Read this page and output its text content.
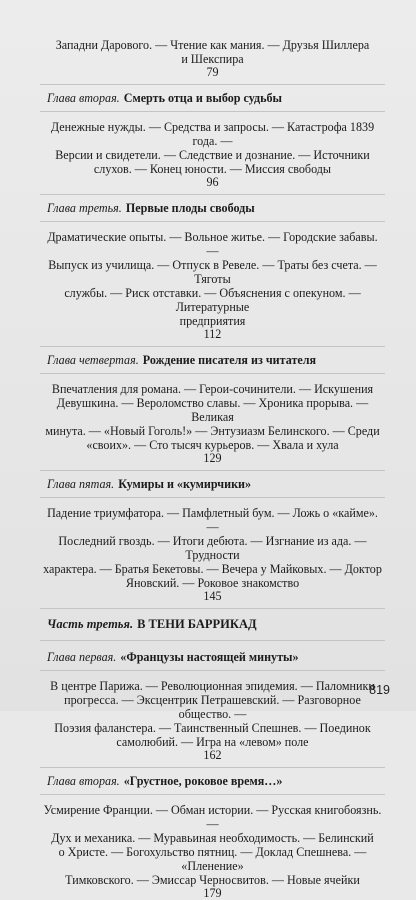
Западни Дарового. — Чтение как мания. — Друзья Шиллера
и Шекспира
79
Глава вторая. Смерть отца и выбор судьбы
Денежные нужды. — Средства и запросы. — Катастрофа 1839 года. —
Версии и свидетели. — Следствие и дознание. — Источники
слухов. — Конец юности. — Миссия свободы
96
Глава третья. Первые плоды свободы
Драматические опыты. — Вольное житье. — Городские забавы. —
Выпуск из училища. — Отпуск в Ревеле. — Траты без счета. — Тяготы
службы. — Риск отставки. — Объяснения с опекуном. — Литературные
предприятия
112
Глава четвертая. Рождение писателя из читателя
Впечатления для романа. — Герои-сочинители. — Искушения
Девушкина. — Вероломство славы. — Хроника прорыва. — Великая
минута. — «Новый Гоголь!» — Энтузиазм Белинского. — Среди
«своих». — Сто тысяч курьеров. — Хвала и хула
129
Глава пятая. Кумиры и «кумирчики»
Падение триумфатора. — Памфлетный бум. — Ложь о «кайме». —
Последний гвоздь. — Итоги дебюта. — Изгнание из ада. — Трудности
характера. — Братья Бекетовы. — Вечера у Майковых. — Доктор
Яновский. — Роковое знакомство
145
Часть третья. В ТЕНИ БАРРИКАД
Глава первая. «Французы настоящей минуты»
В центре Парижа. — Революционная эпидемия. — Паломники
прогресса. — Эксцентрик Петрашевский. — Разговорное общество. —
Поэзия фаланстера. — Таинственный Спешнев. — Поединок
самолюбий. — Игра на «левом» поле
162
Глава вторая. «Грустное, роковое время…»
Усмирение Франции. — Обман истории. — Русская книгобоязнь. —
Дух и механика. — Муравьиная необходимость. — Белинский
о Христе. — Богохульство пятниц. — Доклад Спешнева. — «Пленение»
Тимковского. — Эмиссар Черносвитов. — Новые ячейки
179
819
